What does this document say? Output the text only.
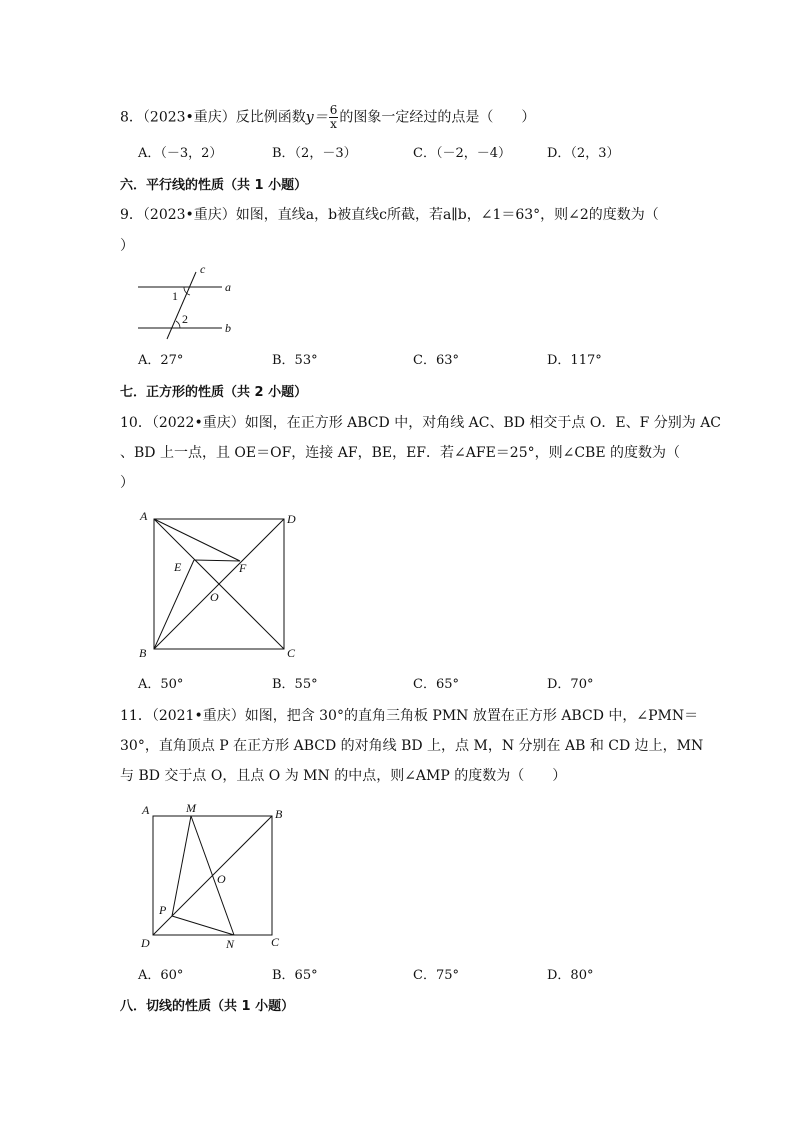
8．（2023•重庆）反比例函数$y= \frac{6}{x}$ 的图象一定经过的点是（　　）
A．（－3，2）	B．（2，－3）	C．（－2，－4）	D．（2，3）
六．平行线的性质（共 1 小题）
9．（2023•重庆）如图，直线a，b被直线c所截，若a∥b，∠1＝63°，则∠2的度数为（
）
c
a
b
1
2
A．27°	B．53°	C．63°	D．117°
七．正方形的性质（共 2 小题）
10．（2022•重庆）如图，在正方形 ABCD 中，对角线 AC、BD 相交于点 O．E、F 分别为 AC
、BD 上一点，且 OE＝OF，连接 AF，BE，EF．若∠AFE＝25°，则∠CBE 的度数为（
）
A	D
B	C
E	F
O
A．50°	B．55°	C．65°	D．70°
11．（2021•重庆）如图，把含 30°的直角三角板 PMN 放置在正方形 ABCD 中，∠PMN＝
30°，直角顶点 P 在正方形 ABCD 的对角线 BD 上，点 M，N 分别在 AB 和 CD 边上，MN
与 BD 交于点 O，且点 O 为 MN 的中点，则∠AMP 的度数为（　　）
A	M	B
O
P
D	N	C
A．60°	B．65°	C．75°	D．80°
八．切线的性质（共 1 小题）
